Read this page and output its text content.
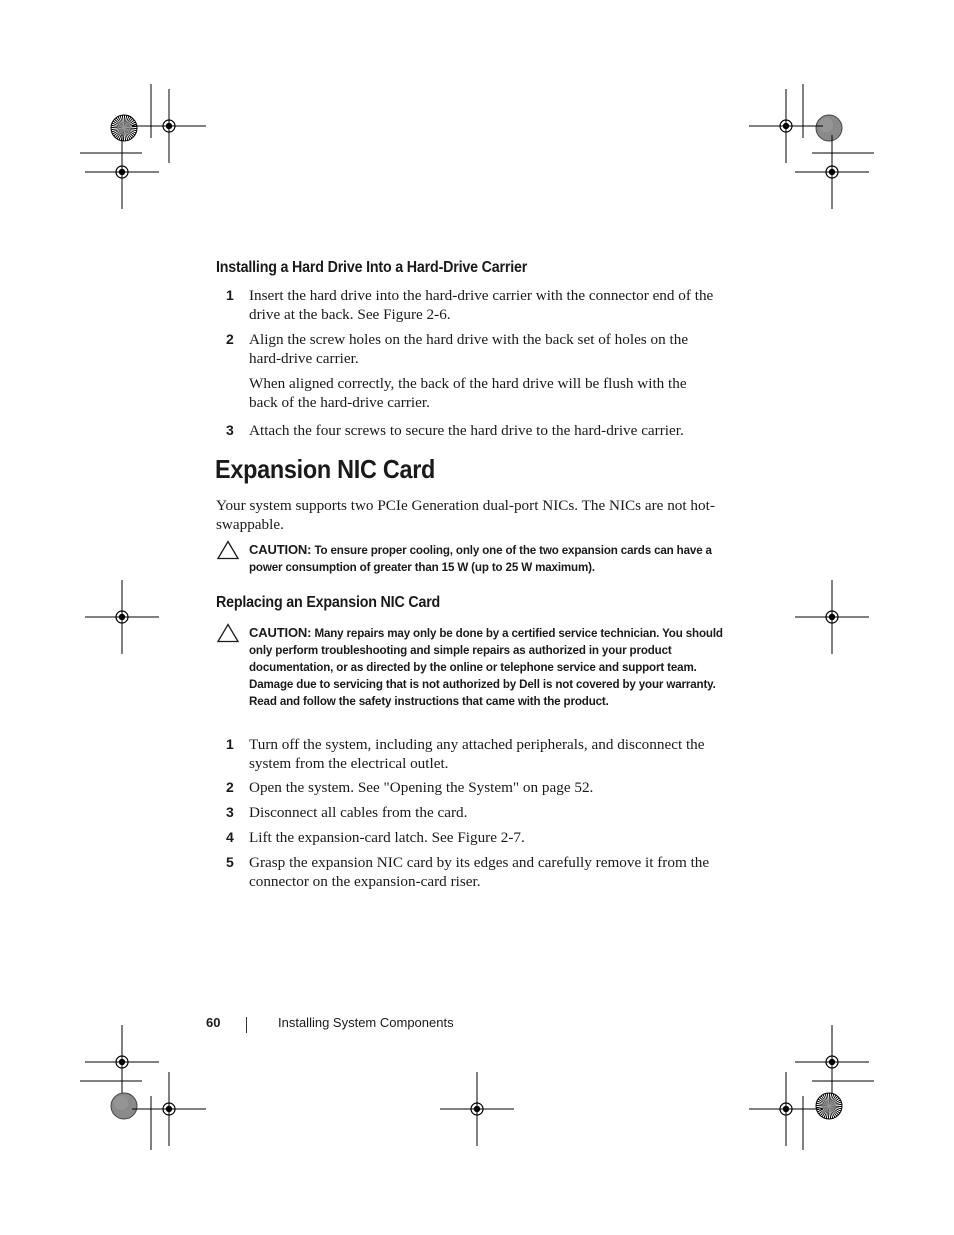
Installing a Hard Drive Into a Hard-Drive Carrier
1 Insert the hard drive into the hard-drive carrier with the connector end of the drive at the back. See Figure 2-6.
2 Align the screw holes on the hard drive with the back set of holes on the hard-drive carrier.
When aligned correctly, the back of the hard drive will be flush with the back of the hard-drive carrier.
3 Attach the four screws to secure the hard drive to the hard-drive carrier.
Expansion NIC Card
Your system supports two PCIe Generation dual-port NICs. The NICs are not hot-swappable.
CAUTION: To ensure proper cooling, only one of the two expansion cards can have a power consumption of greater than 15 W (up to 25 W maximum).
Replacing an Expansion NIC Card
CAUTION: Many repairs may only be done by a certified service technician. You should only perform troubleshooting and simple repairs as authorized in your product documentation, or as directed by the online or telephone service and support team. Damage due to servicing that is not authorized by Dell is not covered by your warranty. Read and follow the safety instructions that came with the product.
1 Turn off the system, including any attached peripherals, and disconnect the system from the electrical outlet.
2 Open the system. See "Opening the System" on page 52.
3 Disconnect all cables from the card.
4 Lift the expansion-card latch. See Figure 2-7.
5 Grasp the expansion NIC card by its edges and carefully remove it from the connector on the expansion-card riser.
60	Installing System Components
